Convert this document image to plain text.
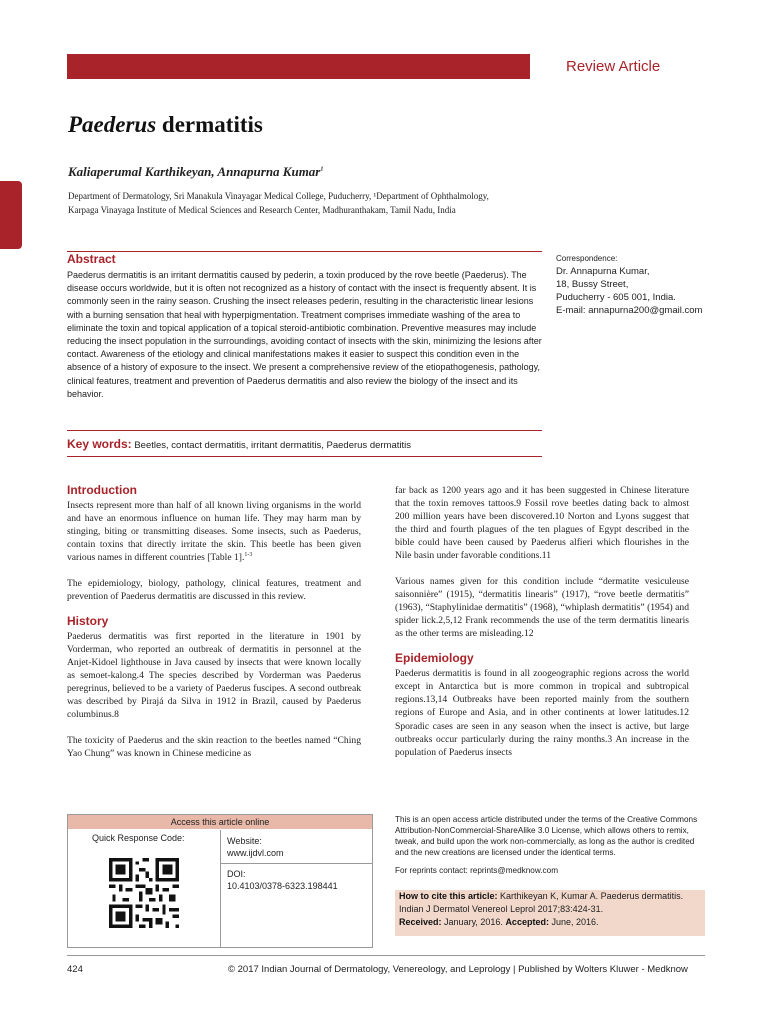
Review Article
Paederus dermatitis
Kaliaperumal Karthikeyan, Annapurna Kumar$^1$
Department of Dermatology, Sri Manakula Vinayagar Medical College, Puducherry, ¹Department of Ophthalmology, Karpaga Vinayaga Institute of Medical Sciences and Research Center, Madhuranthakam, Tamil Nadu, India
Abstract

Paederus dermatitis is an irritant dermatitis caused by pederin, a toxin produced by the rove beetle (Paederus). The disease occurs worldwide, but it is often not recognized as a history of contact with the insect is frequently absent. It is commonly seen in the rainy season. Crushing the insect releases pederin, resulting in the characteristic linear lesions with a burning sensation that heal with hyperpigmentation. Treatment comprises immediate washing of the area to eliminate the toxin and topical application of a topical steroid-antibiotic combination. Preventive measures may include reducing the insect population in the surroundings, avoiding contact of insects with the skin, minimizing the lesions after contact. Awareness of the etiology and clinical manifestations makes it easier to suspect this condition even in the absence of a history of exposure to the insect. We present a comprehensive review of the etiopathogenesis, pathology, clinical features, treatment and prevention of Paederus dermatitis and also review the biology of the insect and its behavior.

Correspondence:
Dr. Annapurna Kumar,
18, Bussy Street,
Puducherry - 605 001, India.
E-mail: annapurna200@gmail.com
Key words: Beetles, contact dermatitis, irritant dermatitis, Paederus dermatitis
Introduction

Insects represent more than half of all known living organisms in the world and have an enormous influence on human life. They may harm man by stinging, biting or transmitting diseases. Some insects, such as Paederus, contain toxins that directly irritate the skin. This beetle has been given various names in different countries [Table 1].$^{1-3}$

The epidemiology, biology, pathology, clinical features, treatment and prevention of Paederus dermatitis are discussed in this review.

History

Paederus dermatitis was first reported in the literature in 1901 by Vorderman, who reported an outbreak of dermatitis in personnel at the Anjet-Kidoel lighthouse in Java caused by insects that were known locally as semoet-kalong.4 The species described by Vorderman was Paederus peregrinus, believed to be a variety of Paederus fuscipes. A second outbreak was described by Pirajá da Silva in 1912 in Brazil, caused by Paederus columbinus.8

The toxicity of Paederus and the skin reaction to the beetles named “Ching Yao Chung” was known in Chinese medicine as

far back as 1200 years ago and it has been suggested in Chinese literature that the toxin removes tattoos.9 Fossil rove beetles dating back to almost 200 million years have been discovered.10 Norton and Lyons suggest that the third and fourth plagues of the ten plagues of Egypt described in the bible could have been caused by Paederus alfieri which flourishes in the Nile basin under favorable conditions.11

Various names given for this condition include “dermatite vesiculeuse saisonnière” (1915), “dermatitis linearis” (1917), “rove beetle dermatitis” (1963), “Staphylinidae dermatitis” (1968), “whiplash dermatitis” (1954) and spider lick.2,5,12 Frank recommends the use of the term dermatitis linearis as the other terms are misleading.12

Epidemiology

Paederus dermatitis is found in all zoogeographic regions across the world except in Antarctica but is more common in tropical and subtropical regions.13,14 Outbreaks have been reported mainly from the southern regions of Europe and Asia, and in other continents at lower latitudes.12 Sporadic cases are seen in any season when the insect is active, but large outbreaks occur particularly during the rainy months.3 An increase in the population of Paederus insects

Access this article online
Quick Response Code:	Website:
www.ijdvl.com
DOI:
10.4103/0378-6323.198441
This is an open access article distributed under the terms of the Creative Commons Attribution-NonCommercial-ShareAlike 3.0 License, which allows others to remix, tweak, and build upon the work non-commercially, as long as the author is credited and the new creations are licensed under the identical terms.
For reprints contact: reprints@medknow.com
How to cite this article: Karthikeyan K, Kumar A. Paederus dermatitis. Indian J Dermatol Venereol Leprol 2017;83:424-31.
Received: January, 2016. Accepted: June, 2016.
424	© 2017 Indian Journal of Dermatology, Venereology, and Leprology | Published by Wolters Kluwer - Medknow
